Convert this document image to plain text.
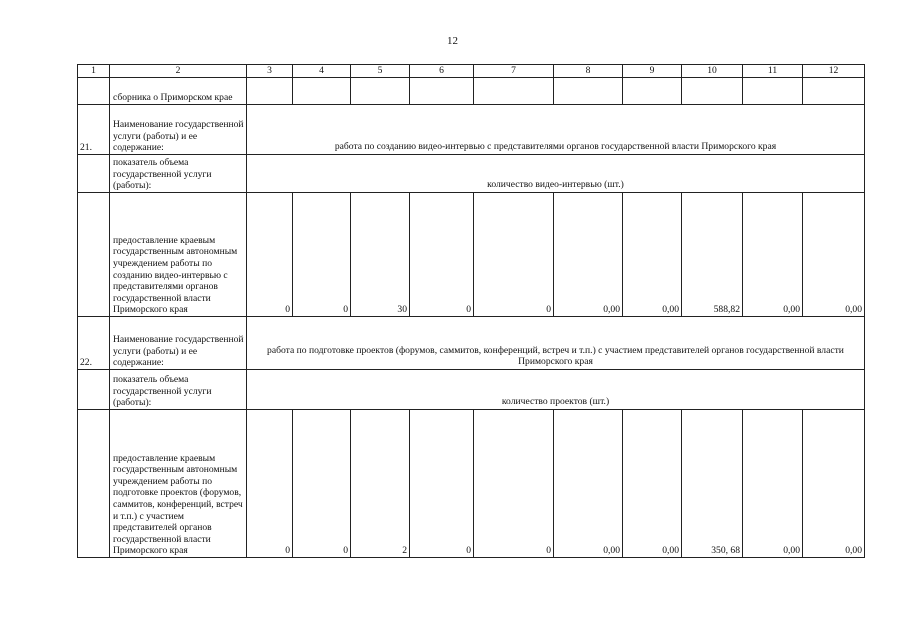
12
1	2	3	4	5	6	7	8	9	10	11	12
	сборника о Приморском крае										
21.	Наименование государственной услуги (работы) и ее содержание:	работа по созданию видео-интервью с представителями органов государственной власти Приморского края									
	показатель объема государственной услуги (работы):	количество видео-интервью (шт.)									
	предоставление краевым государственным автономным учреждением работы по созданию видео-интервью с представителями органов государственной власти Приморского края	0	0	30	0	0	0,00	0,00	588,82	0,00	0,00
22.	Наименование государственной услуги (работы) и ее содержание:	работа по подготовке проектов (форумов, саммитов, конференций, встреч и т.п.) с участием представителей органов государственной власти Приморского края									
	показатель объема государственной услуги (работы):	количество проектов (шт.)									
	предоставление краевым государственным автономным учреждением работы по подготовке проектов (форумов, саммитов, конференций, встреч и т.п.) с участием представителей органов государственной власти Приморского края	0	0	2	0	0	0,00	0,00	350, 68	0,00	0,00
